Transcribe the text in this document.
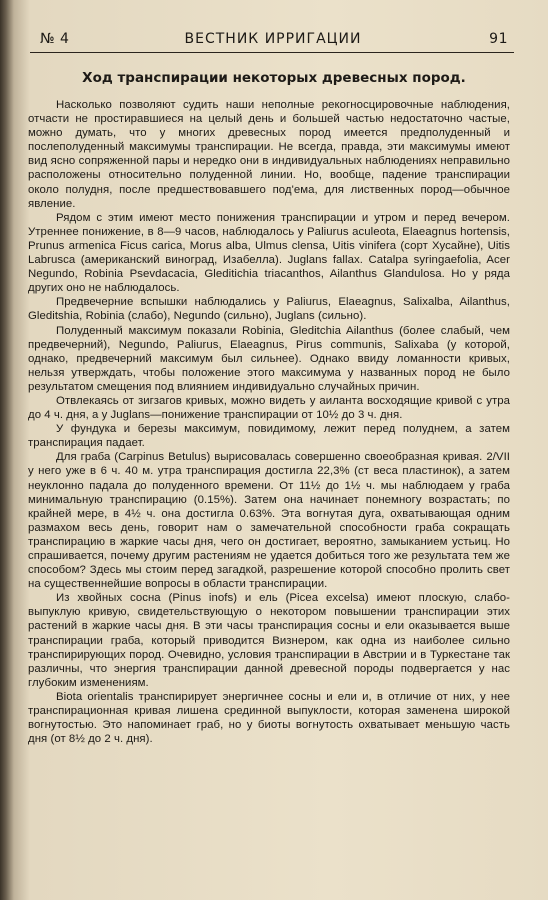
№ 4	ВЕСТНИК ИРРИГАЦИИ	91
Ход транспирации некоторых древесных пород.

Насколько позволяют судить наши неполные рекогносцировочные наблюдения, отчасти не простиравшиеся на целый день и большей частью недостаточно частые, можно думать, что у многих древесных пород имеется предполуденный и послеполуденный максимумы транспирации. Не всегда, правда, эти максимумы имеют вид ясно сопряженной пары и нередко они в индивидуальных наблюдениях неправильно расположены относительно полуденной линии. Но, вообще, падение транспирации около полудня, после предшествовавшего под'ема, для лиственных пород—обычное явление.

Рядом с этим имеют место понижения транспирации и утром и перед вечером. Утреннее понижение, в 8—9 часов, наблюдалось у Paliurus aculeota, Elaeagnus hortensis, Prunus armenica Ficus carica, Morus alba, Ulmus clensa, Uitis vinifera (сорт Хусайне), Uitis Labrusca (американский виноград, Изабелла). Juglans fallax. Catalpa syringaefolia, Acer Negundo, Robinia Psevdacacia, Gleditichia triacanthos, Ailanthus Glandulosa. Но у ряда других оно не наблюдалось.

Предвечерние вспышки наблюдались у Paliurus, Elaeagnus, Salixalba, Ailanthus, Gleditshia, Robinia (слабо), Negundo (сильно), Juglans (сильно).

Полуденный максимум показали Robinia, Gleditchia Ailanthus (более слабый, чем предвечерний), Negundo, Paliurus, Elaeagnus, Pirus communis, Salixaba (у которой, однако, предвечерний максимум был сильнее). Однако ввиду ломанности кривых, нельзя утверждать, чтобы положение этого максимума у названных пород не было результатом смещения под влиянием индивидуально случайных причин.

Отвлекаясь от зигзагов кривых, можно видеть у аиланта восходящие кривой с утра до 4 ч. дня, а у Juglans—понижение транспирации от 10½ до 3 ч. дня.

У фундука и березы максимум, повидимому, лежит перед полуднем, а затем транспирация падает.

Для граба (Carpinus Betulus) вырисовалась совершенно своеобразная кривая. 2/VII у него уже в 6 ч. 40 м. утра транспирация достигла 22,3% (ст веса пластинок), а затем неуклонно падала до полуденного времени. От 11½ до 1½ ч. мы наблюдаем у граба минимальную транспирацию (0.15%). Затем она начинает понемногу возрастать; по крайней мере, в 4½ ч. она достигла 0.63%. Эта вогнутая дуга, охватывающая одним размахом весь день, говорит нам о замечательной способности граба сокращать транспирацию в жаркие часы дня, чего он достигает, вероятно, замыканием устьиц. Но спрашивается, почему другим растениям не удается добиться того же результата тем же способом? Здесь мы стоим перед загадкой, разрешение которой способно пролить свет на существеннейшие вопросы в области транспирации.

Из хвойных сосна (Pinus inofs) и ель (Picea excelsa) имеют плоскую, слабо-выпуклую кривую, свидетельствующую о некотором повышении транспирации этих растений в жаркие часы дня. В эти часы транспирация сосны и ели оказывается выше транспирации граба, который приводится Визнером, как одна из наиболее сильно транспирирующих пород. Очевидно, условия транспирации в Австрии и в Туркестане так различны, что энергия транспирации данной древесной породы подвергается у нас глубоким изменениям.

Biota orientalis транспирирует энергичнее сосны и ели и, в отличие от них, у нее транспирационная кривая лишена срединной выпуклости, которая заменена широкой вогнутостью. Это напоминает граб, но у биоты вогнутость охватывает меньшую часть дня (от 8½ до 2 ч. дня).
